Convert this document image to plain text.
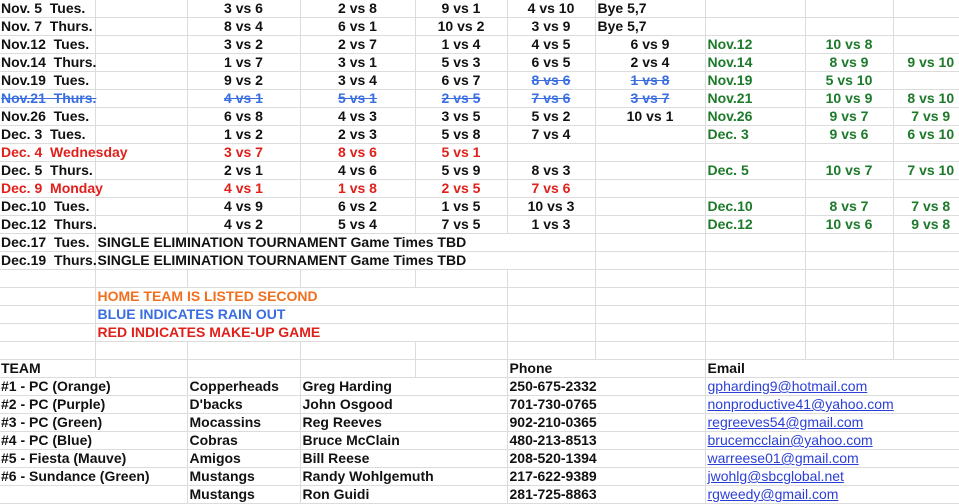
Nov. 5 Tues.		3 vs 6	2 vs 8	9 vs 1	4 vs 10	Bye 5,7			
Nov. 7 Thurs.		8 vs 4	6 vs 1	10 vs 2	3 vs 9	Bye 5,7			
Nov.12 Tues.		3 vs 2	2 vs 7	1 vs 4	4 vs 5	6 vs 9	Nov.12	10 vs 8	
Nov.14 Thurs.		1 vs 7	3 vs 1	5 vs 3	6 vs 5	2 vs 4	Nov.14	8 vs 9	9 vs 10
Nov.19 Tues.		9 vs 2	3 vs 4	6 vs 7	8 vs 6	1 vs 8	Nov.19	5 vs 10	
Nov.21 Thurs.		4 vs 1	5 vs 1	2 vs 5	7 vs 6	3 vs 7	Nov.21	10 vs 9	8 vs 10
Nov.26 Tues.		6 vs 8	4 vs 3	3 vs 5	5 vs 2	10 vs 1	Nov.26	9 vs 7	7 vs 9
Dec. 3 Tues.		1 vs 2	2 vs 3	5 vs 8	7 vs 4		Dec. 3	9 vs 6	6 vs 10
Dec. 4 Wednesday		3 vs 7	8 vs 6	5 vs 1					
Dec. 5 Thurs.		2 vs 1	4 vs 6	5 vs 9	8 vs 3		Dec. 5	10 vs 7	7 vs 10
Dec. 9 Monday		4 vs 1	1 vs 8	2 vs 5	7 vs 6				
Dec.10 Tues.		4 vs 9	6 vs 2	1 vs 5	10 vs 3		Dec.10	8 vs 7	7 vs 8
Dec.12 Thurs.		4 vs 2	5 vs 4	7 vs 5	1 vs 3		Dec.12	10 vs 6	9 vs 8
Dec.17 Tues.	SINGLE ELIMINATION TOURNAMENT Game Times TBD								
Dec.19 Thurs.	SINGLE ELIMINATION TOURNAMENT Game Times TBD								

	HOME TEAM IS LISTED SECOND								
	BLUE INDICATES RAIN OUT								
	RED INDICATES MAKE-UP GAME								

TEAM					Phone		Email		
#1 - PC (Orange)		Copperheads	Greg Harding		250-675-2332		gpharding9@hotmail.com		
#2 - PC (Purple)		D'backs	John Osgood		701-730-0765		nonproductive41@yahoo.com		
#3 - PC (Green)		Mocassins	Reg Reeves		902-210-0365		regreeves54@gmail.com		
#4 - PC (Blue)		Cobras	Bruce McClain		480-213-8513		brucemcclain@yahoo.com		
#5 - Fiesta (Mauve)		Amigos	Bill Reese		208-520-1394		warreese01@gmail.com		
#6 - Sundance (Green)		Mustangs	Randy Wohlgemuth		217-622-9389		jwohlg@sbcglobal.net		
		Mustangs	Ron Guidi		281-725-8863		rgweedy@gmail.com		
